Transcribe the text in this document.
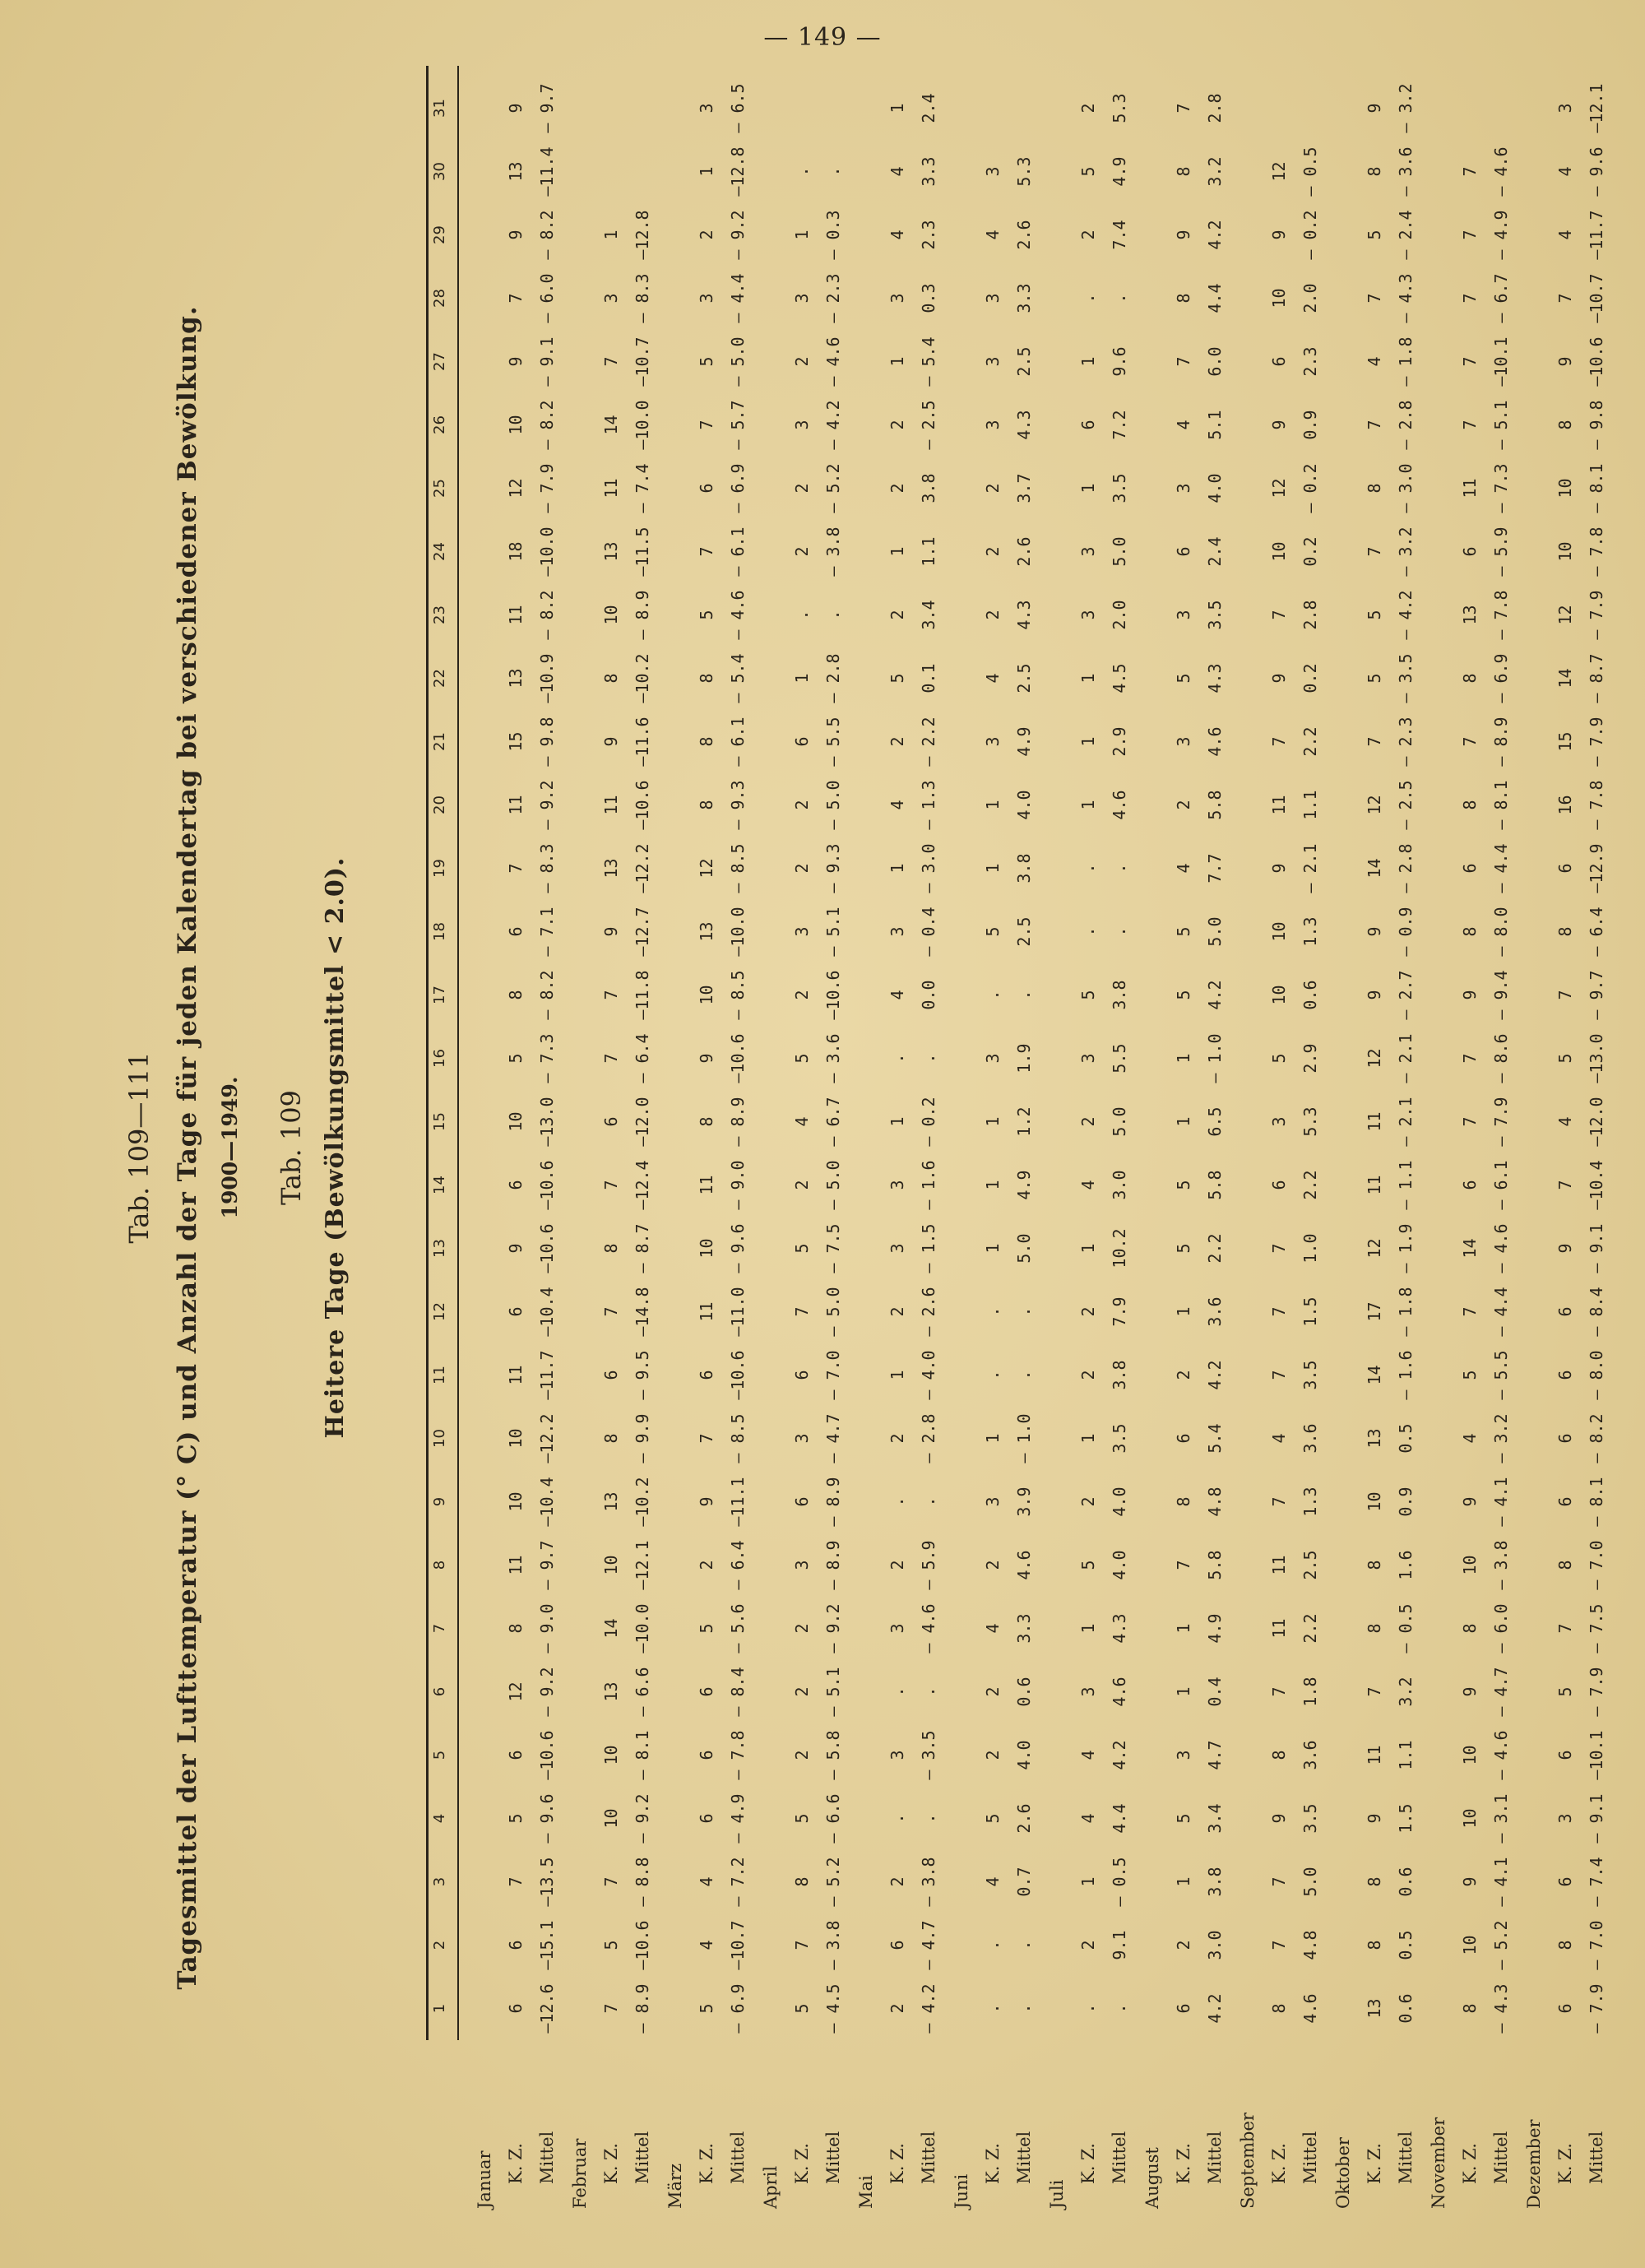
— 149 —
Tab. 109—111 Tagesmittel der Lufttemperatur (° C) und Anzahl der Tage für jeden Kalendertag bei verschiedener Bewölkung. 1900—1949. Tab. 109 Heitere Tage (Bewölkungsmittel < 2.0).
1
2
3
4
5
6
7
8
9
10
11
12
13
14
15
16
17
18
19
20
21
22
23
24
25
26
27
28
29
30
31
Januar K. Z. Mittel
6
6
7
5
6
12
8
11
10
10
11
6
9
6
10
5
8
6
7
11
15
13
11
18
12
10
9
7
9
13
9
—12.6
—15.1
—13.5
— 9.6
—10.6
— 9.2
— 9.0
— 9.7
—10.4
—12.2
—11.7
—10.4
—10.6
—10.6
—13.0
— 7.3
— 8.2
— 7.1
— 8.3
— 9.2
— 9.8
—10.9
— 8.2
—10.0
— 7.9
— 8.2
— 9.1
— 6.0
— 8.2
—11.4
— 9.7
Februar K. Z. Mittel
7
5
7
10
10
13
14
10
13
8
6
7
8
7
6
7
7
9
13
11
9
8
10
13
11
14
7
3
1
— 8.9
—10.6
— 8.8
— 9.2
— 8.1
— 6.6
—10.0
—12.1
—10.2
— 9.9
— 9.5
—14.8
— 8.7
—12.4
—12.0
— 6.4
—11.8
—12.7
—12.2
—10.6
—11.6
—10.2
— 8.9
—11.5
— 7.4
—10.0
—10.7
— 8.3
—12.8
März K. Z. Mittel
5
4
4
6
6
6
5
2
9
7
6
11
10
11
8
9
10
13
12
8
8
8
5
7
6
7
5
3
2
1
3
— 6.9
—10.7
— 7.2
— 4.9
— 7.8
— 8.4
— 5.6
— 6.4
—11.1
— 8.5
—10.6
—11.0
— 9.6
— 9.0
— 8.9
—10.6
— 8.5
—10.0
— 8.5
— 9.3
— 6.1
— 5.4
— 4.6
— 6.1
— 6.9
— 5.7
— 5.0
— 4.4
— 9.2
—12.8
— 6.5
April
K. Z. Mittel
5
7
8
5
2
2
2
3
6
3
6
7
5
2
4
5
2
3
2
2
6
1
.
2
2
3
2
3
1
.
— 4.5
— 3.8
— 5.2
— 6.6
— 5.8
— 5.1
— 9.2
— 8.9
— 8.9
— 4.7
— 7.0
— 5.0
— 7.5
— 5.0
— 6.7
— 3.6
—10.6
— 5.1
— 9.3
— 5.0
— 5.5
— 2.8
.
— 3.8
— 5.2
— 4.2
— 4.6
— 2.3
— 0.3
.
Mai
K. Z. Mittel
2
6
2
.
3
.
3
2
.
2
1
2
3
3
1
.
4
3
1
4
2
5
2
1
2
2
1
3
4
4
1
— 4.2
— 4.7
— 3.8
.
— 3.5
.
— 4.6
— 5.9
.
— 2.8
— 4.0
— 2.6
— 1.5
— 1.6
— 0.2
.
0.0
— 0.4
— 3.0
— 1.3
— 2.2
0.1
3.4
1.1
3.8
— 2.5
— 5.4
0.3
2.3
3.3
2.4
Juni
K. Z. Mittel
.
.
4
5
2
2
4
2
3
1
.
.
1
1
1
3
.
5
1
1
3
4
2
2
2
3
3
3
4
3
.
.
0.7
2.6
4.0
0.6
3.3
4.6
3.9
— 1.0
.
.
5.0
4.9
1.2
1.9
.
2.5
3.8
4.0
4.9
2.5
4.3
2.6
3.7
4.3
2.5
3.3
2.6
5.3
Juli
K. Z. Mittel
.
2
1
4
4
3
1
5
2
1
2
2
1
4
2
3
5
.
.
1
1
1
3
3
1
6
1
.
2
5
2
.
9.1
— 0.5
4.4
4.2
4.6
4.3
4.0
4.0
3.5
3.8
7.9
10.2
3.0
5.0
5.5
3.8
.
.
4.6
2.9
4.5
2.0
5.0
3.5
7.2
9.6
.
7.4
4.9
5.3
August K. Z. Mittel
6
2
1
5
3
1
1
7
8
6
2
1
5
5
1
1
5
5
4
2
3
5
3
6
3
4
7
8
9
8
7
4.2
3.0
3.8
3.4
4.7
0.4
4.9
5.8
4.8
5.4
4.2
3.6
2.2
5.8
6.5
— 1.0
4.2
5.0
7.7
5.8
4.6
4.3
3.5
2.4
4.0
5.1
6.0
4.4
4.2
3.2
2.8
September K. Z. Mittel
8
7
7
9
8
7
11
11
7
4
7
7
7
6
3
5
10
10
9
11
7
9
7
10
12
9
6
10
9
12
4.6
4.8
5.0
3.5
3.6
1.8
2.2
2.5
1.3
3.6
3.5
1.5
1.0
2.2
5.3
2.9
0.6
1.3
— 2.1
1.1
2.2
0.2
2.8
0.2
— 0.2
0.9
2.3
2.0
— 0.2
— 0.5
Oktober K. Z. Mittel
13
8
8
9
11
7
8
8
10
13
14
17
12
11
11
12
9
9
14
12
7
5
5
7
8
7
4
7
5
8
9
0.6
0.5
0.6
1.5
1.1
3.2
— 0.5
1.6
0.9
0.5
— 1.6
— 1.8
— 1.9
— 1.1
— 2.1
— 2.1
— 2.7
— 0.9
— 2.8
— 2.5
— 2.3
— 3.5
— 4.2
— 3.2
— 3.0
— 2.8
— 1.8
— 4.3
— 2.4
— 3.6
— 3.2
November K. Z. Mittel
8
10
9
10
10
9
8
10
9
4
5
7
14
6
7
7
9
8
6
8
7
8
13
6
11
7
7
7
7
7
— 4.3
— 5.2
— 4.1
— 3.1
— 4.6
— 4.7
— 6.0
— 3.8
— 4.1
— 3.2
— 5.5
— 4.4
— 4.6
— 6.1
— 7.9
— 8.6
— 9.4
— 8.0
— 4.4
— 8.1
— 8.9
— 6.9
— 7.8
— 5.9
— 7.3
— 5.1
—10.1
— 6.7
— 4.9
— 4.6
Dezember K. Z. Mittel
6
8
6
3
6
5
7
8
6
6
6
6
9
7
4
5
7
8
6
16
15
14
12
10
10
8
9
7
4
4
3
— 7.9
— 7.0
— 7.4
— 9.1
—10.1
— 7.9
— 7.5
— 7.0
— 8.1
— 8.2
— 8.0
— 8.4
— 9.1
—10.4
—12.0
—13.0
— 9.7
— 6.4
—12.9
— 7.8
— 7.9
— 8.7
— 7.9
— 7.8
— 8.1
— 9.8
—10.6
—10.7
—11.7
— 9.6
—12.1
